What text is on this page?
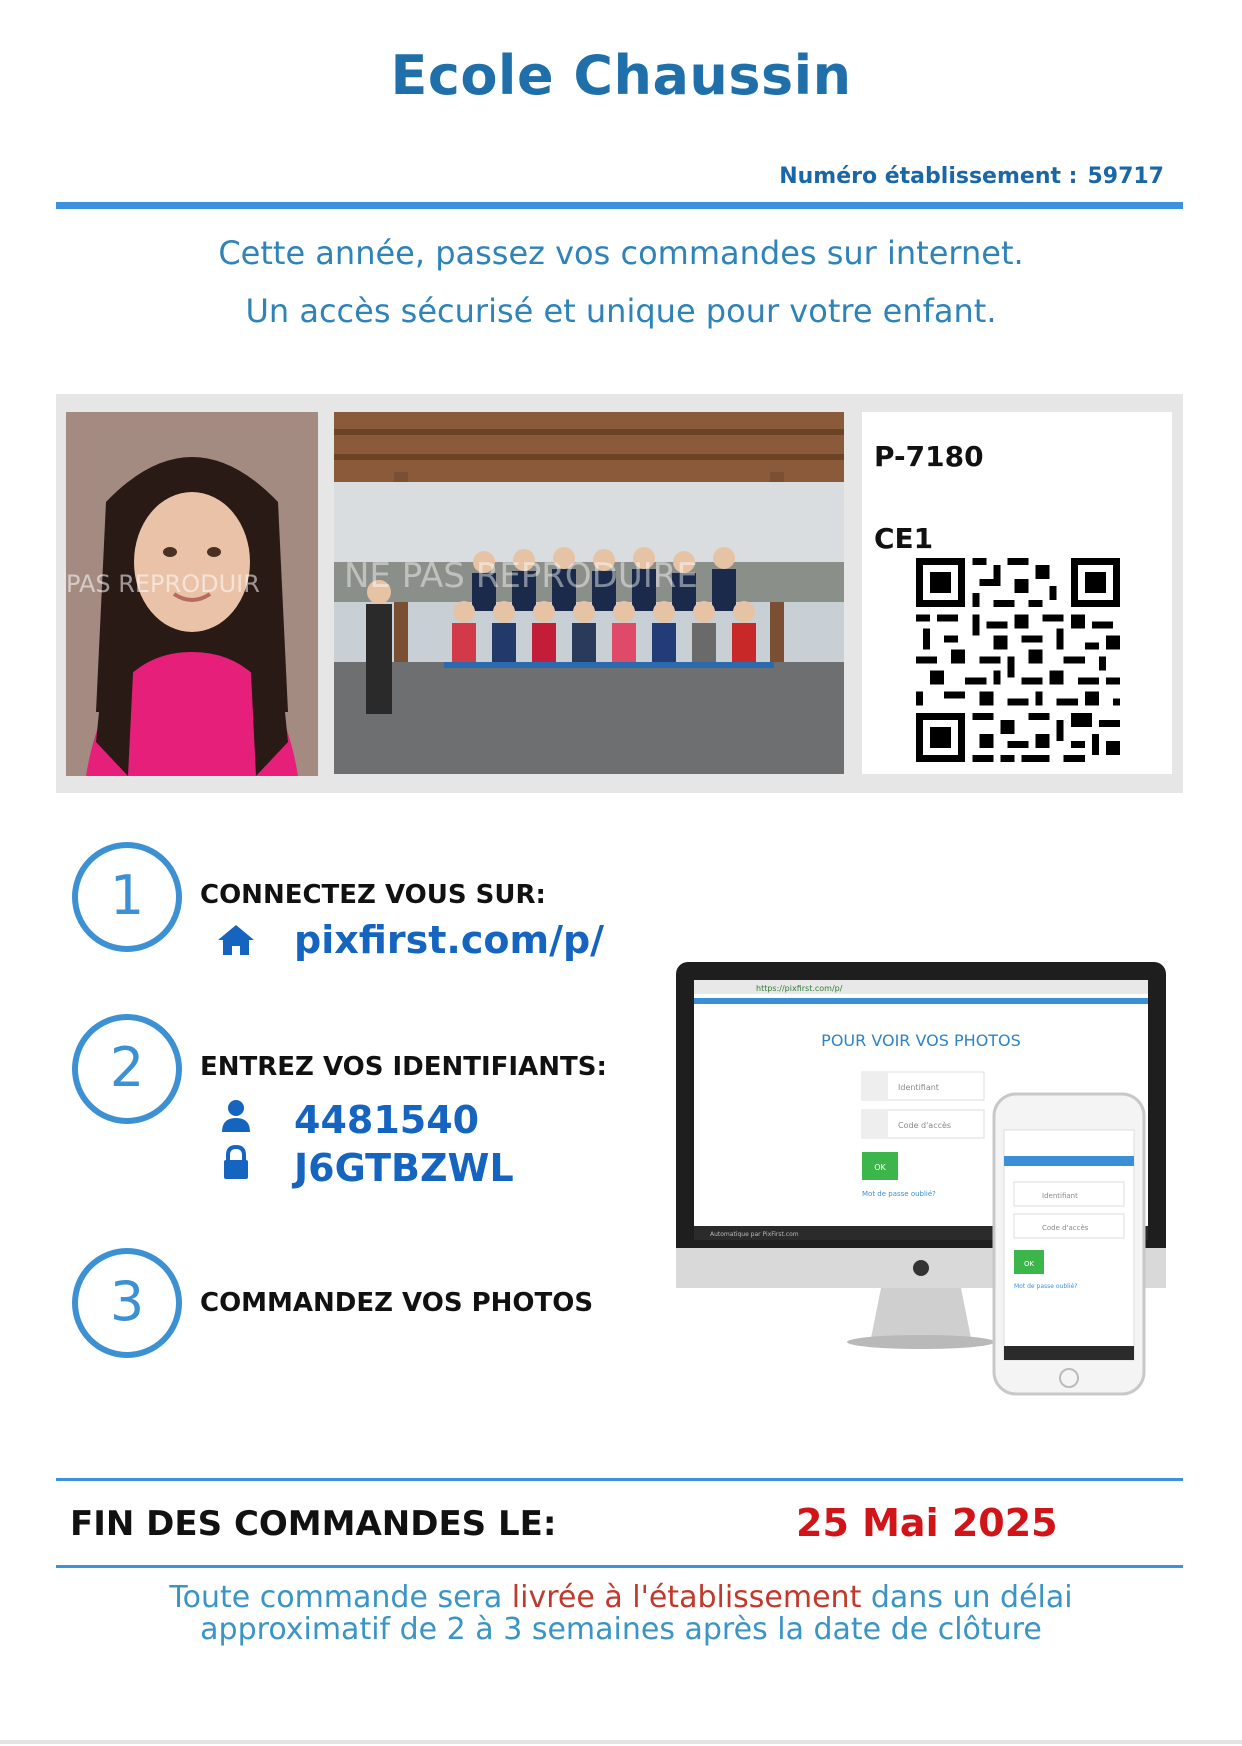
Ecole Chaussin
Numéro établissement : 59717
Cette année, passez vos commandes sur internet.
Un accès sécurisé et unique pour votre enfant.
PAS REPRODUIR NE PAS REPRODUIRE
P-7180
CE1
1	CONNECTEZ VOUS SUR:
pixfirst.com/p/
2	ENTREZ VOS IDENTIFIANTS:
4481540
J6GTBZWL
3	COMMANDEZ VOS PHOTOS
https://pixfirst.com/p/
POUR VOIR VOS PHOTOS
Identifiant
Code d'accès
OK
Mot de passe oublié?
Automatique par PixFirst.com
Identifiant
Code d'accès
OK
Mot de passe oublié?
FIN DES COMMANDES LE:	25 Mai 2025
Toute commande sera livrée à l'établissement dans un délai
approximatif de 2 à 3 semaines après la date de clôture
